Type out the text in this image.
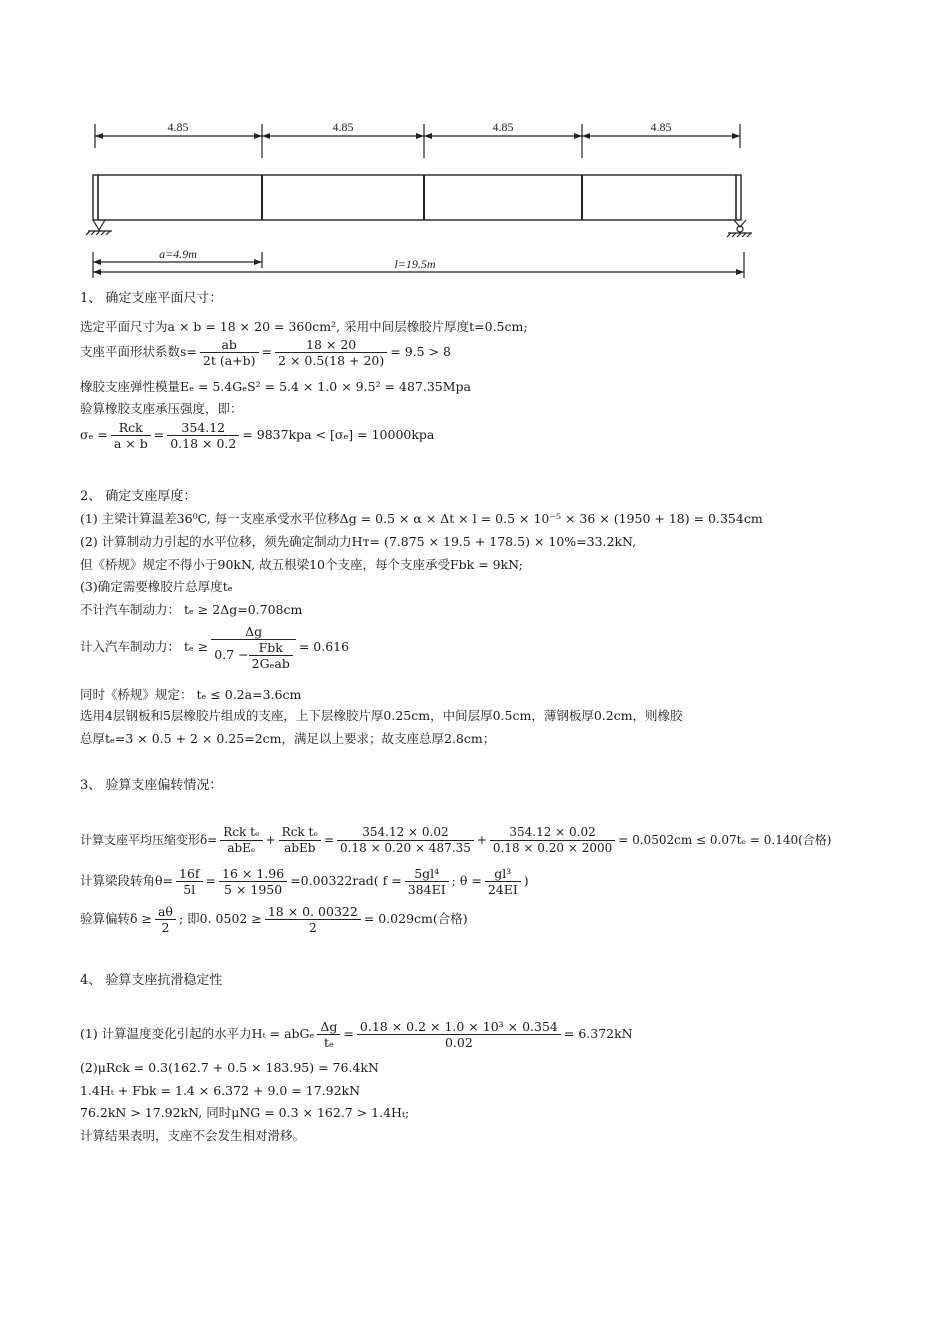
4.85	4.85	4.85	4.85
a=4.9m
l=19.5m
1、 确定支座平面尺寸：
选定平面尺寸为a × b = 18 × 20 = 360cm², 采用中间层橡胶片厚度t=0.5cm;
支座平面形状系数$s= \frac{ab}{2t (a+b)} = \frac{18 \times 20}{2 \times 0.5(18 + 20)} = 9.5 > 8$
橡胶支座弹性模量Eₑ = 5.4GₑS² = 5.4 × 1.0 × 9.5² = 487.35Mpa
验算橡胶支座承压强度，即：
$\sigma_e = \frac{\text{Rck}}{a \times b} = \frac{354.12}{0.18 \times 0.2} = 9837kpa < [\sigma_e] = 10000kpa$
2、 确定支座厚度：
(1) 主梁计算温差36⁰C, 每一支座承受水平位移Δg = 0.5 × α × Δt × l = 0.5 × 10⁻⁵ × 36 × (1950 + 18) = 0.354cm
(2) 计算制动力引起的水平位移，须先确定制动力Hᴛ= (7.875 × 19.5 + 178.5) × 10%=33.2kN,
但《桥规》规定不得小于90kN, 故五根梁10个支座，每个支座承受Fbk = 9kN;
(3)确定需要橡胶片总厚度tₑ
不计汽车制动力： tₑ ≥ 2Δg=0.708cm
计入汽车制动力： $t_e \ge \frac{\Delta g}{0.7 - \frac{\text{Fbk}}{\text{2Gₑab}}} = 0.616$
同时《桥规》规定： tₑ ≤ 0.2a=3.6cm
选用4层钢板和5层橡胶片组成的支座，上下层橡胶片厚0.25cm，中间层厚0.5cm，薄钢板厚0.2cm，则橡胶
总厚tₑ=3 × 0.5 + 2 × 0.25=2cm，满足以上要求；故支座总厚2.8cm；
3、 验算支座偏转情况：
计算支座平均压缩变形$\delta= \frac{\text{Rck tₑ}}{\text{abEₑ}} + \frac{\text{Rck tₑ}}{\text{abEb}} = \frac{354.12 \times 0.02}{0.18 \times 0.20 \times 487.35} + \frac{354.12 \times 0.02}{0.18 \times 0.20 \times 2000} = 0.0502cm \le 0.07t_e = 0.140$(合格)
计算梁段转角$\theta= \frac{16f}{5l} = \frac{16 \times 1.96}{5 \times 1950} =0.00322rad$( $f = \frac{\text{5gl⁴}}{384EI}$ ; $\theta = \frac{\text{gl³}}{24EI}$ )
验算偏转$\delta \ge \frac{a\theta}{2}$ ; 即0. $0502 \ge \frac{18 \times 0. 00322}{2} = 0.029cm$(合格)
4、 验算支座抗滑稳定性
(1) 计算温度变化引起的水平力Hₜ = abGₑ $\frac{\Delta g}{\text{tₑ}} = \frac{\text{0.18 × 0.2 × 1.0 × 10³ × 0.354}}{0.02} = 6.372kN$
(2)μRck = 0.3(162.7 + 0.5 × 183.95) = 76.4kN
1.4Hₜ + Fbk = 1.4 × 6.372 + 9.0 = 17.92kN
76.2kN > 17.92kN, 同时μNG = 0.3 × 162.7 > 1.4Hₜ;
计算结果表明，支座不会发生相对滑移。
